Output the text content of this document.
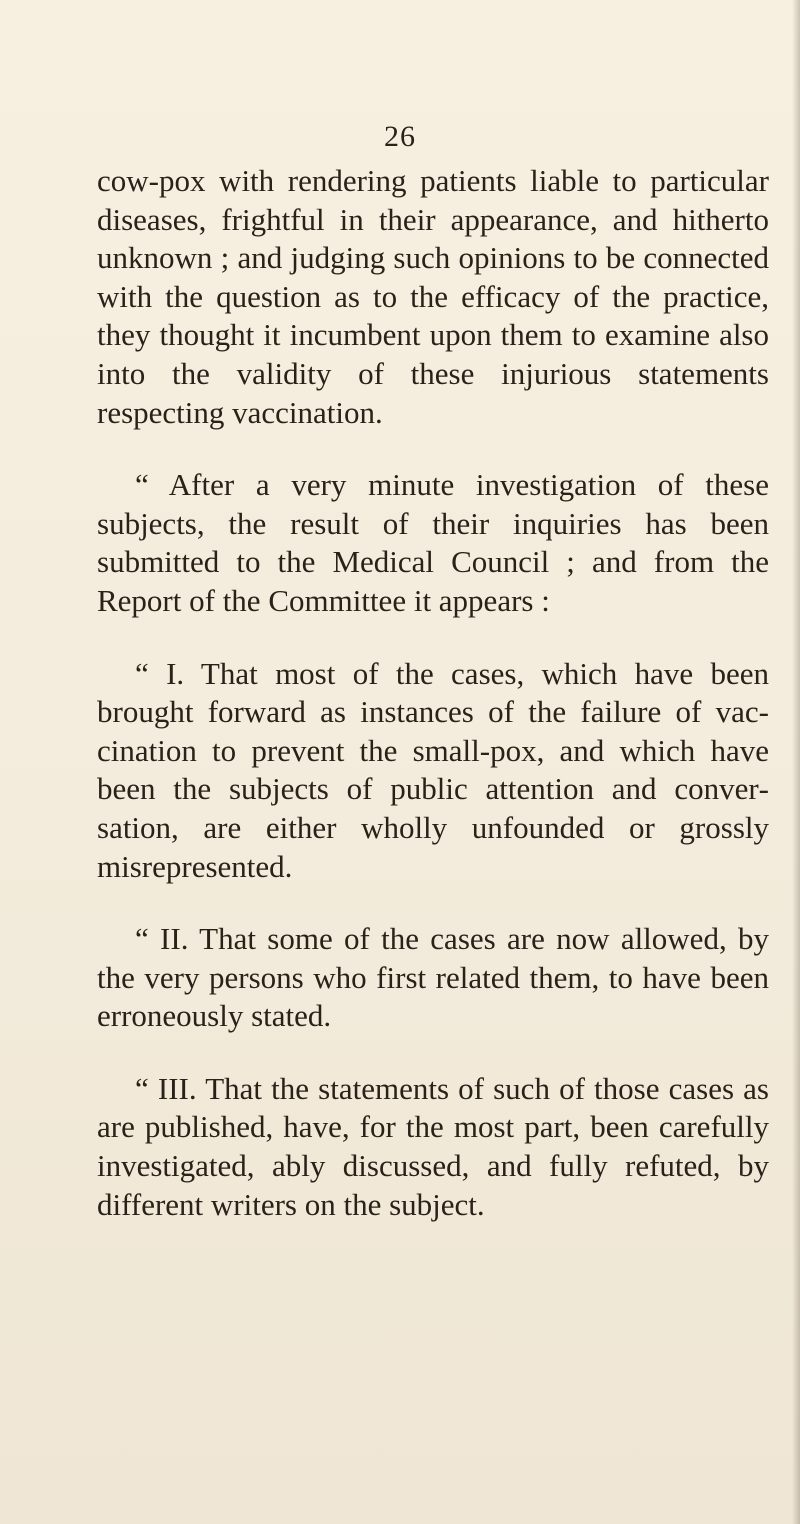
26

cow-pox with rendering patients liable to particular diseases, frightful in their appearance, and hitherto unknown ; and judging such opinions to be connected with the question as to the efficacy of the practice, they thought it incumbent upon them to examine also into the validity of these injurious statements respecting vaccination.

“ After a very minute investigation of these subjects, the result of their inquiries has been submitted to the Medical Council ; and from the Report of the Committee it appears :

“ I. That most of the cases, which have been brought forward as instances of the failure of vaccination to prevent the small-pox, and which have been the subjects of public attention and conversation, are either wholly unfounded or grossly misrepresented.

“ II. That some of the cases are now allowed, by the very persons who first related them, to have been erroneously stated.

“ III. That the statements of such of those cases as are published, have, for the most part, been carefully investigated, ably discussed, and fully refuted, by different writers on the subject.
